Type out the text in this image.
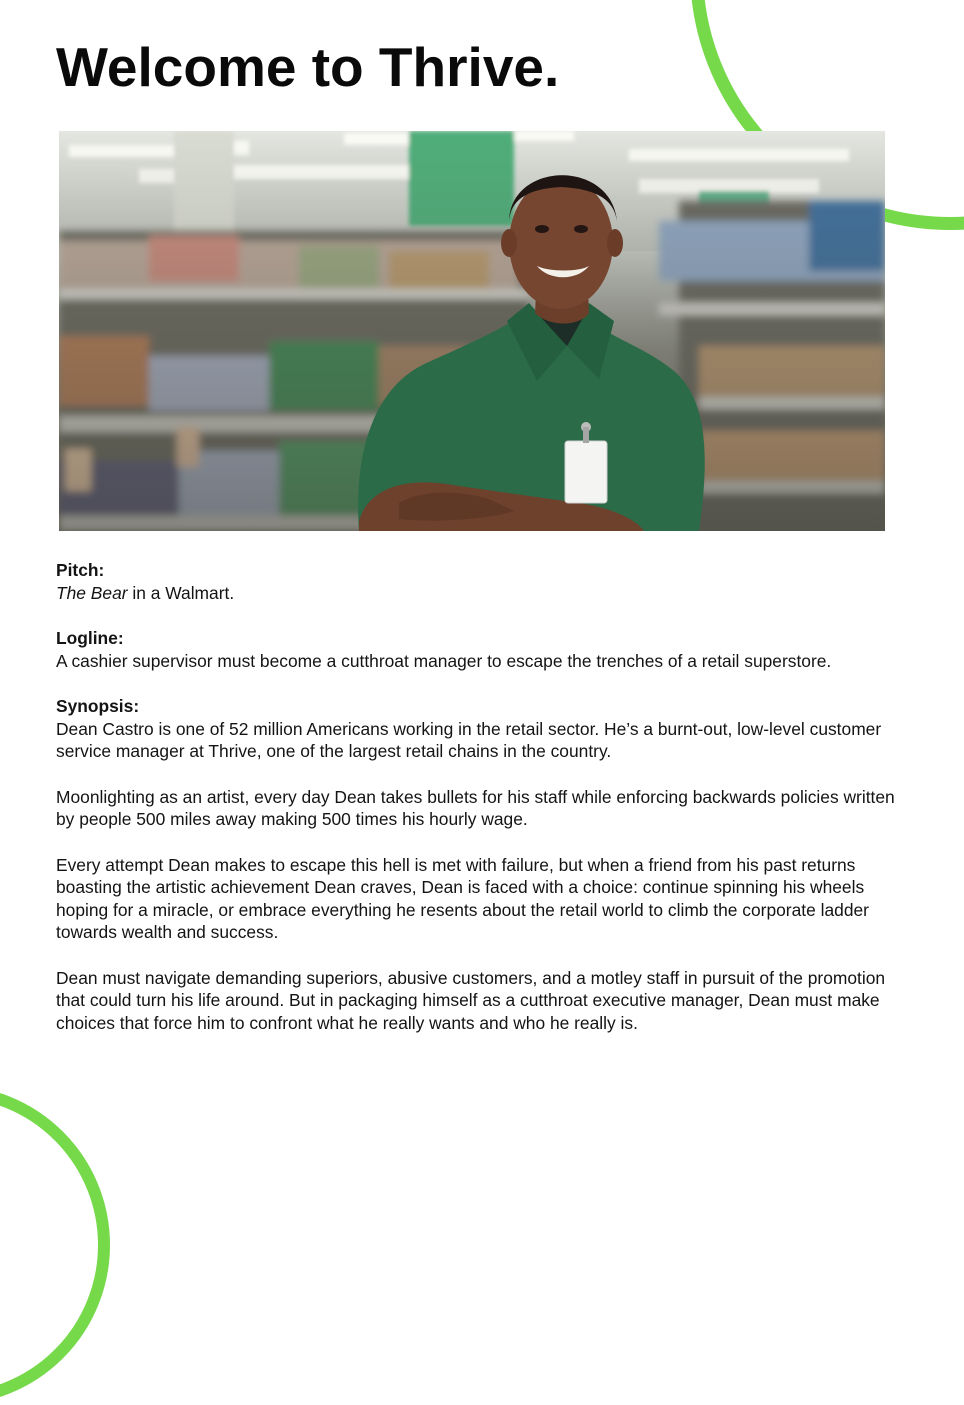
Welcome to Thrive.
Pitch:
The Bear in a Walmart.
Logline:
A cashier supervisor must become a cutthroat manager to escape the trenches of a retail superstore.
Synopsis:

Dean Castro is one of 52 million Americans working in the retail sector. He’s a burnt-out, low-level customer service manager at Thrive, one of the largest retail chains in the country.

Moonlighting as an artist, every day Dean takes bullets for his staff while enforcing backwards policies written by people 500 miles away making 500 times his hourly wage.

Every attempt Dean makes to escape this hell is met with failure, but when a friend from his past returns boasting the artistic achievement Dean craves, Dean is faced with a choice: continue spinning his wheels hoping for a miracle, or embrace everything he resents about the retail world to climb the corporate ladder towards wealth and success.

Dean must navigate demanding superiors, abusive customers, and a motley staff in pursuit of the promotion that could turn his life around. But in packaging himself as a cutthroat executive manager, Dean must make choices that force him to confront what he really wants and who he really is.
